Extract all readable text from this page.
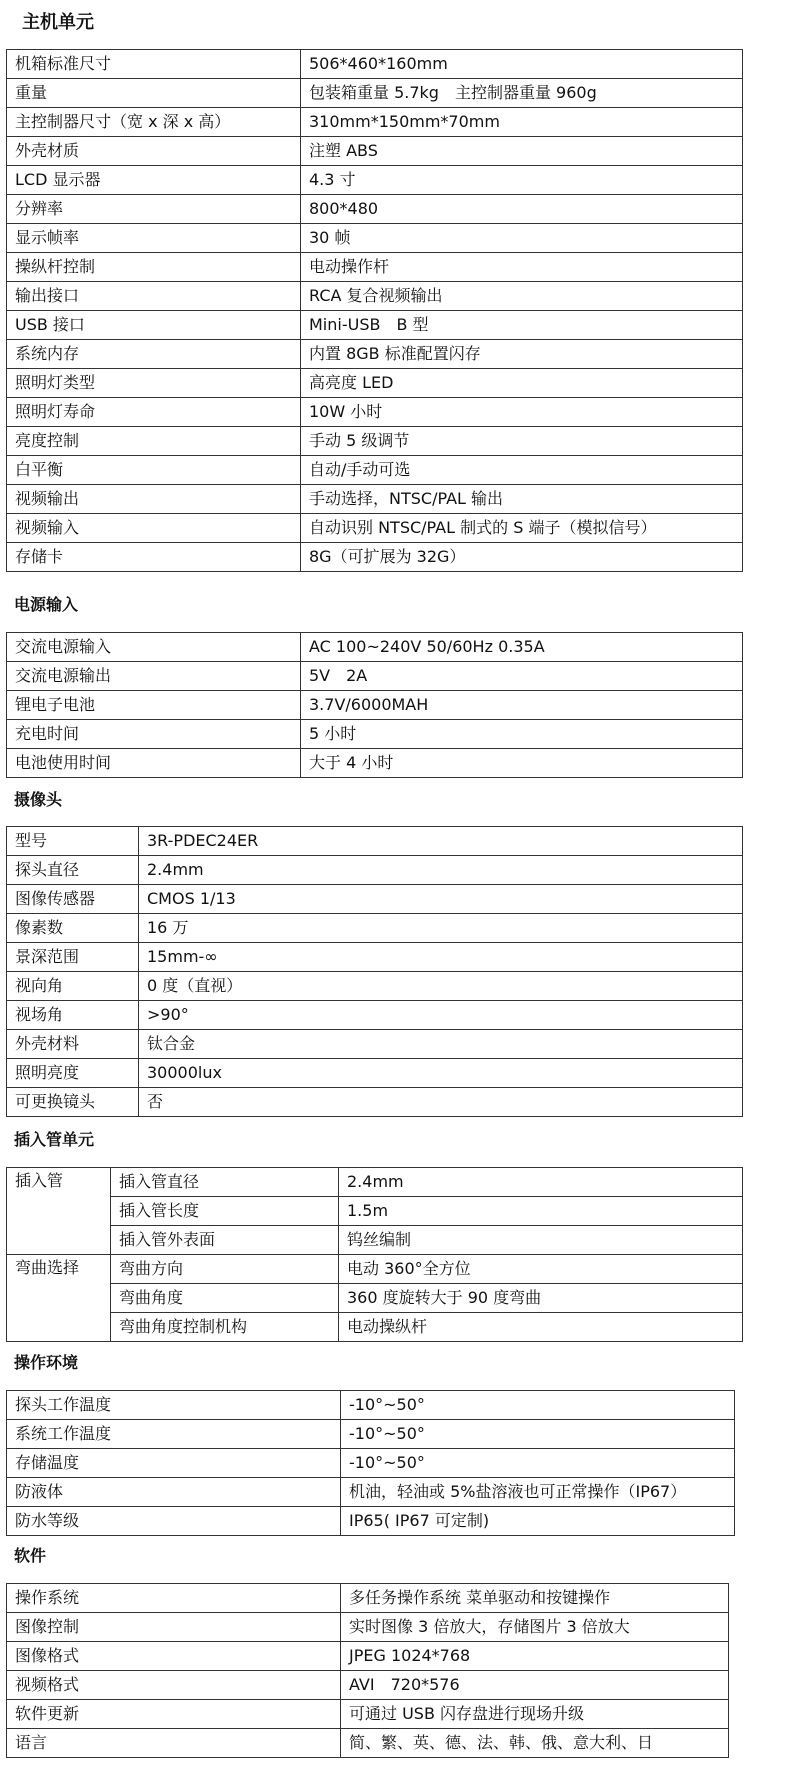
主机单元
机箱标准尺寸	506*460*160mm
重量	包装箱重量 5.7kg　主控制器重量 960g
主控制器尺寸（宽 x 深 x 高）	310mm*150mm*70mm
外壳材质	注塑 ABS
LCD 显示器	4.3 寸
分辨率	800*480
显示帧率	30 帧
操纵杆控制	电动操作杆
输出接口	RCA 复合视频输出
USB 接口	Mini-USB　B 型
系统内存	内置 8GB 标准配置闪存
照明灯类型	高亮度 LED
照明灯寿命	10W 小时
亮度控制	手动 5 级调节
白平衡	自动/手动可选
视频输出	手动选择，NTSC/PAL 输出
视频输入	自动识别 NTSC/PAL 制式的 S 端子（模拟信号）
存储卡	8G（可扩展为 32G）
电源输入
交流电源输入	AC 100~240V 50/60Hz 0.35A
交流电源输出	5V　2A
锂电子电池	3.7V/6000MAH
充电时间	5 小时
电池使用时间	大于 4 小时
摄像头
型号	3R-PDEC24ER
探头直径	2.4mm
图像传感器	CMOS 1/13
像素数	16 万
景深范围	15mm-∞
视向角	0 度（直视）
视场角	>90°
外壳材料	钛合金
照明亮度	30000lux
可更换镜头	否
插入管单元
插入管	插入管直径	2.4mm
	插入管长度	1.5m
	插入管外表面	钨丝编制
弯曲选择	弯曲方向	电动 360°全方位
	弯曲角度	360 度旋转大于 90 度弯曲
	弯曲角度控制机构	电动操纵杆
操作环境
探头工作温度	-10°~50°
系统工作温度	-10°~50°
存储温度	-10°~50°
防液体	机油，轻油或 5%盐溶液也可正常操作（IP67）
防水等级	IP65( IP67 可定制)
软件
操作系统	多任务操作系统 菜单驱动和按键操作
图像控制	实时图像 3 倍放大，存储图片 3 倍放大
图像格式	JPEG 1024*768
视频格式	AVI　720*576
软件更新	可通过 USB 闪存盘进行现场升级
语言	简、繁、英、德、法、韩、俄、意大利、日
